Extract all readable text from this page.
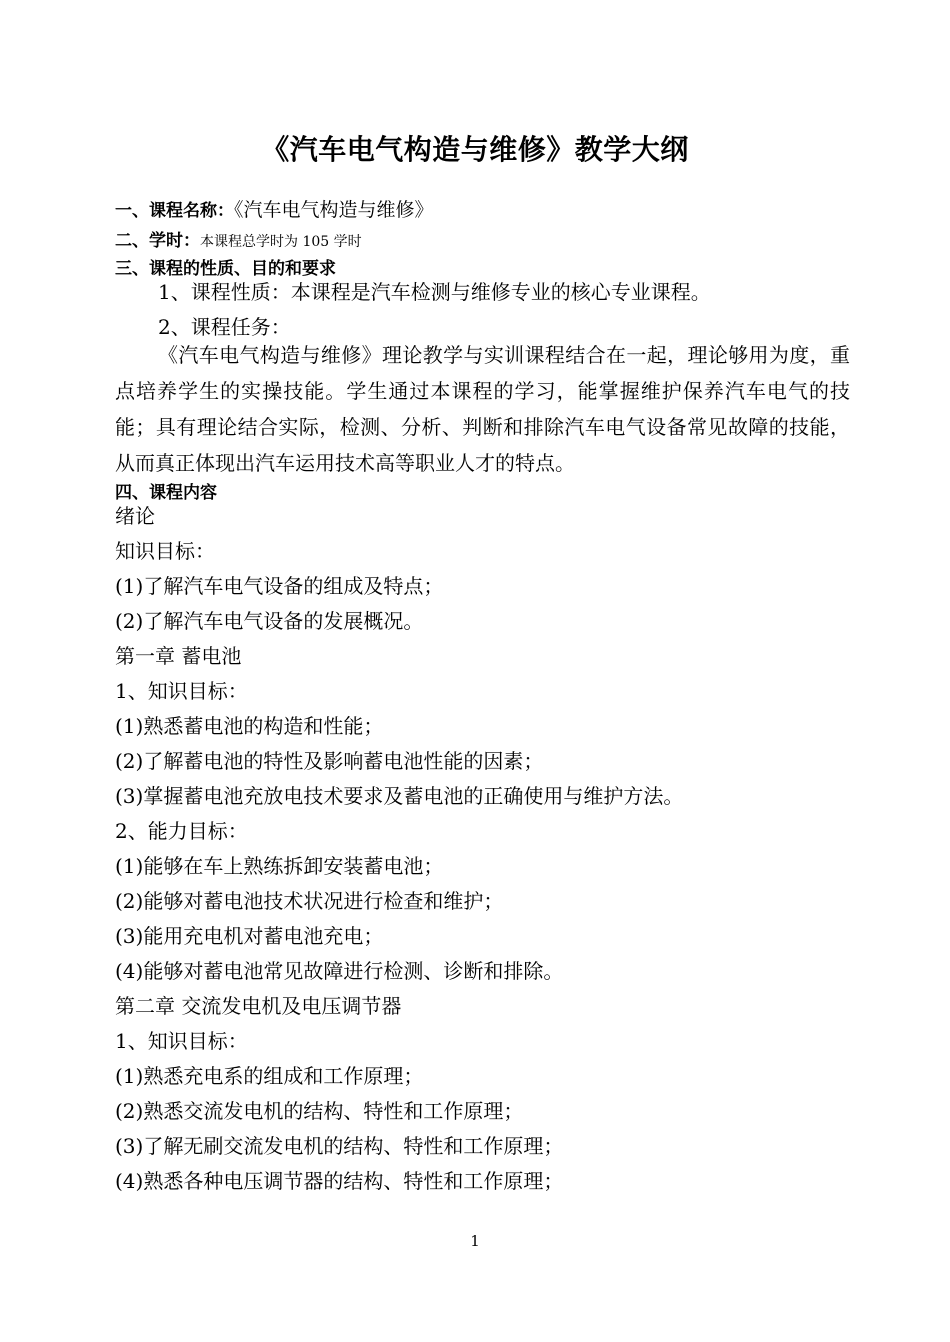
《汽车电气构造与维修》教学大纲
一、课程名称：《汽车电气构造与维修》
二、学时：本课程总学时为 105 学时
三、课程的性质、目的和要求
1、课程性质：本课程是汽车检测与维修专业的核心专业课程。
2、课程任务：
《汽车电气构造与维修》理论教学与实训课程结合在一起，理论够用为度，重点培养学生的实操技能。学生通过本课程的学习，能掌握维护保养汽车电气的技能；具有理论结合实际，检测、分析、判断和排除汽车电气设备常见故障的技能，从而真正体现出汽车运用技术高等职业人才的特点。
四、课程内容
绪论
知识目标：
(1)了解汽车电气设备的组成及特点；
(2)了解汽车电气设备的发展概况。
第一章 蓄电池
1、知识目标：
(1)熟悉蓄电池的构造和性能；
(2)了解蓄电池的特性及影响蓄电池性能的因素；
(3)掌握蓄电池充放电技术要求及蓄电池的正确使用与维护方法。
2、能力目标：
(1)能够在车上熟练拆卸安装蓄电池；
(2)能够对蓄电池技术状况进行检查和维护；
(3)能用充电机对蓄电池充电；
(4)能够对蓄电池常见故障进行检测、诊断和排除。
第二章 交流发电机及电压调节器
1、知识目标：
(1)熟悉充电系的组成和工作原理；
(2)熟悉交流发电机的结构、特性和工作原理；
(3)了解无刷交流发电机的结构、特性和工作原理；
(4)熟悉各种电压调节器的结构、特性和工作原理；
1
